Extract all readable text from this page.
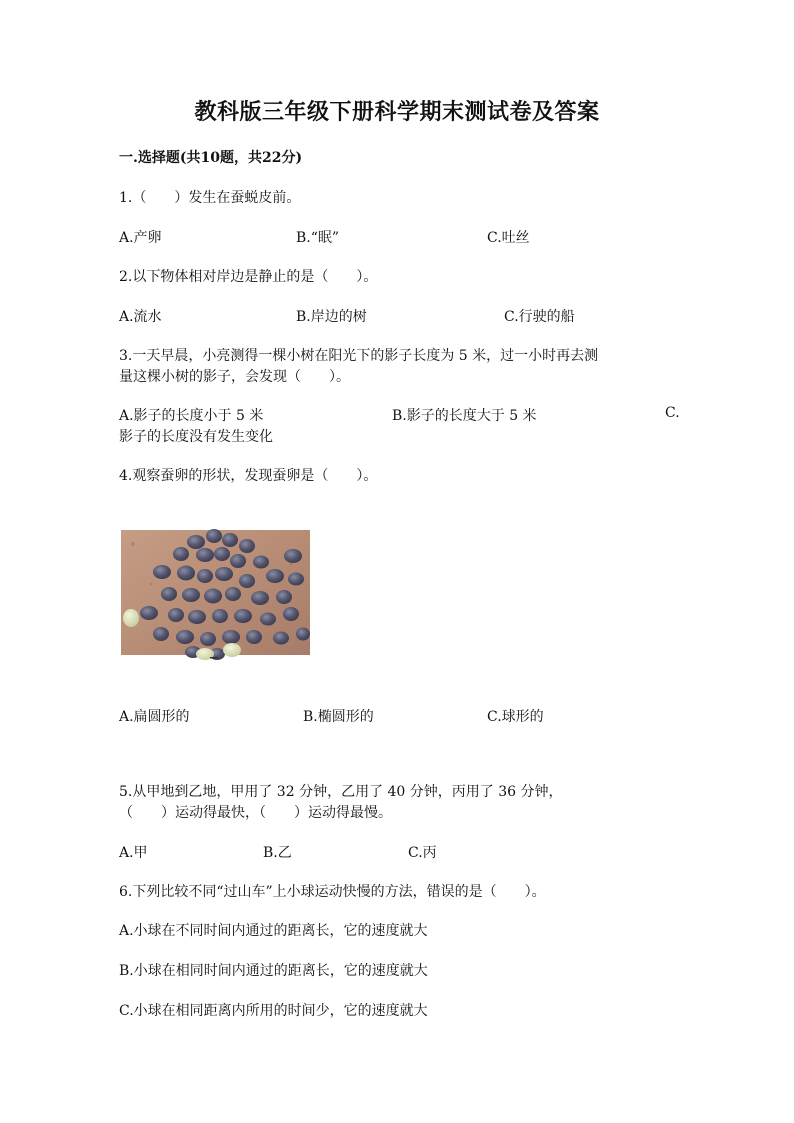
教科版三年级下册科学期末测试卷及答案
一.选择题(共10题，共22分)
1.（　　）发生在蚕蜕皮前。
A.产卵	B.“眠”	C.吐丝
2.以下物体相对岸边是静止的是（　　）。
A.流水	B.岸边的树	C.行驶的船
3.一天早晨，小亮测得一棵小树在阳光下的影子长度为 5 米，过一小时再去测
量这棵小树的影子，会发现（　　）。
A.影子的长度小于 5 米	B.影子的长度大于 5 米	C.
影子的长度没有发生变化
4.观察蚕卵的形状，发现蚕卵是（　　）。
A.扁圆形的	B.椭圆形的	C.球形的
5.从甲地到乙地，甲用了 32 分钟，乙用了 40 分钟，丙用了 36 分钟，
（　　）运动得最快，（　　）运动得最慢。
A.甲	B.乙	C.丙
6.下列比较不同“过山车”上小球运动快慢的方法，错误的是（　　）。
A.小球在不同时间内通过的距离长，它的速度就大
B.小球在相同时间内通过的距离长，它的速度就大
C.小球在相同距离内所用的时间少，它的速度就大
